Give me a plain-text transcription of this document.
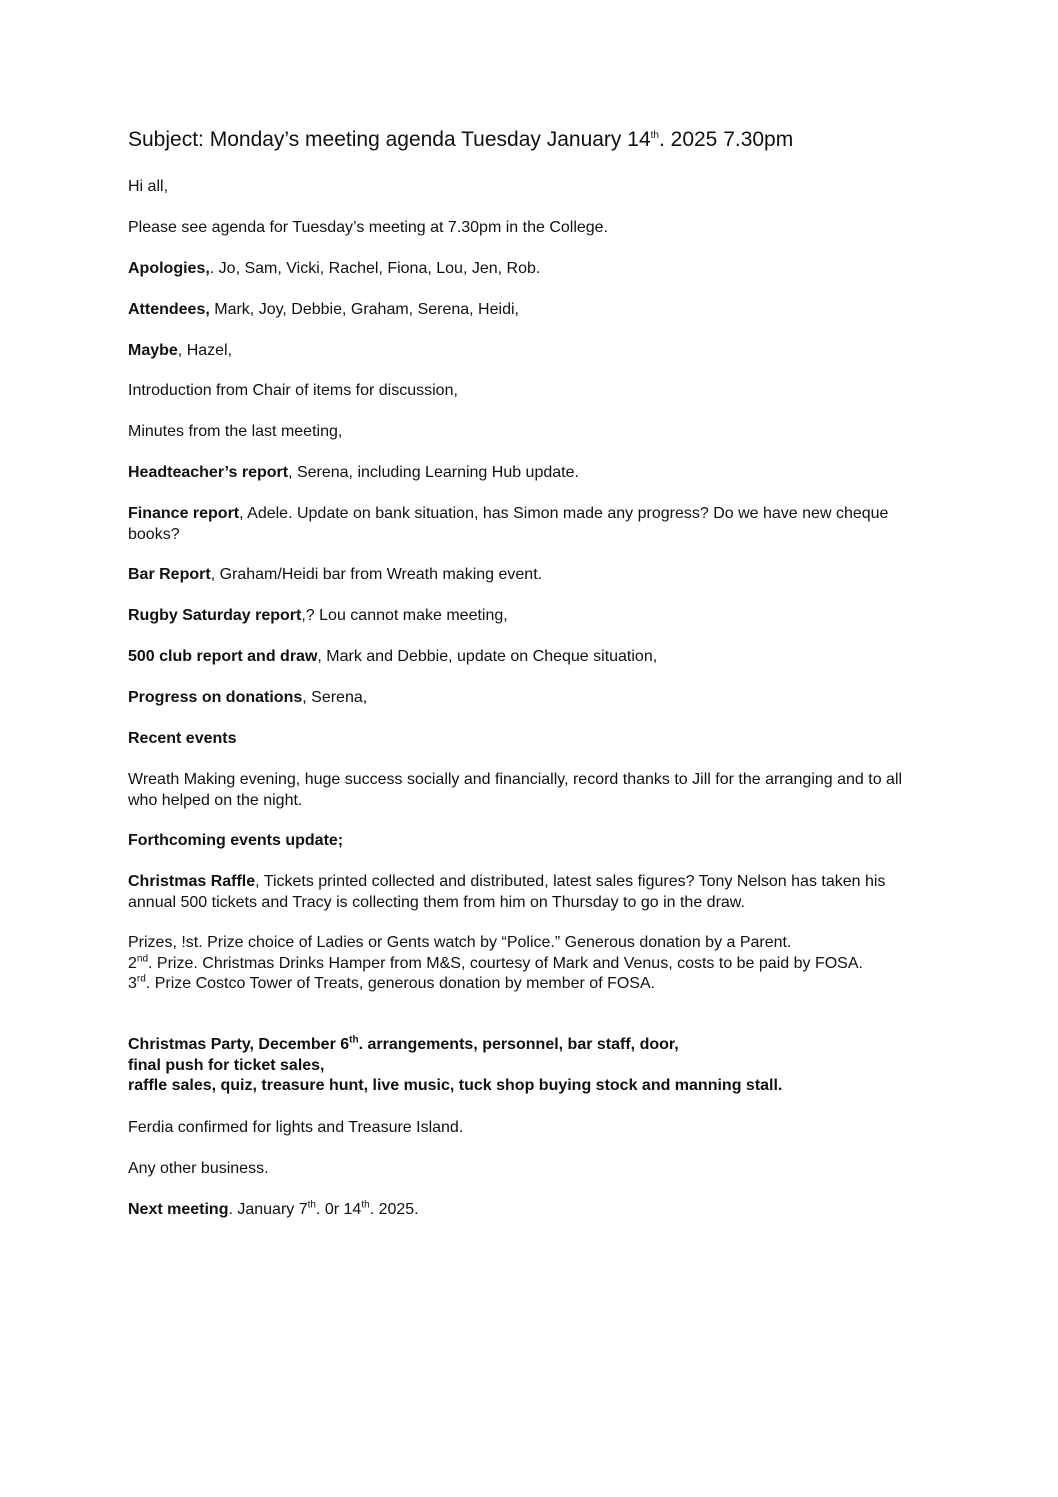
Subject: Monday’s meeting agenda Tuesday January 14th. 2025 7.30pm
Hi all,
Please see agenda for Tuesday’s meeting at 7.30pm in the College.
Apologies,. Jo, Sam, Vicki, Rachel, Fiona, Lou, Jen, Rob.
Attendees, Mark, Joy, Debbie, Graham, Serena, Heidi,
Maybe, Hazel,
Introduction from Chair of items for discussion,
Minutes from the last meeting,
Headteacher’s report, Serena, including Learning Hub update.
Finance report, Adele. Update on bank situation, has Simon made any progress? Do we have new cheque books?
Bar Report, Graham/Heidi bar from Wreath making event.
Rugby Saturday report,? Lou cannot make meeting,
500 club report and draw, Mark and Debbie, update on Cheque situation,
Progress on donations, Serena,
Recent events
Wreath Making evening, huge success socially and financially, record thanks to Jill for the arranging and to all who helped on the night.
Forthcoming events update;
Christmas Raffle, Tickets printed collected and distributed, latest sales figures? Tony Nelson has taken his annual 500 tickets and Tracy is collecting them from him on Thursday to go in the draw.
Prizes, !st. Prize choice of Ladies or Gents watch by “Police.” Generous donation by a Parent.
2nd. Prize. Christmas Drinks Hamper from M&S, courtesy of Mark and Venus, costs to be paid by FOSA.
3rd. Prize Costco Tower of Treats, generous donation by member of FOSA.
Christmas Party, December 6th. arrangements, personnel, bar staff, door,
final push for ticket sales,
raffle sales, quiz, treasure hunt, live music, tuck shop buying stock and manning stall.
Ferdia confirmed for lights and Treasure Island.
Any other business.
Next meeting. January 7th. 0r 14th. 2025.
